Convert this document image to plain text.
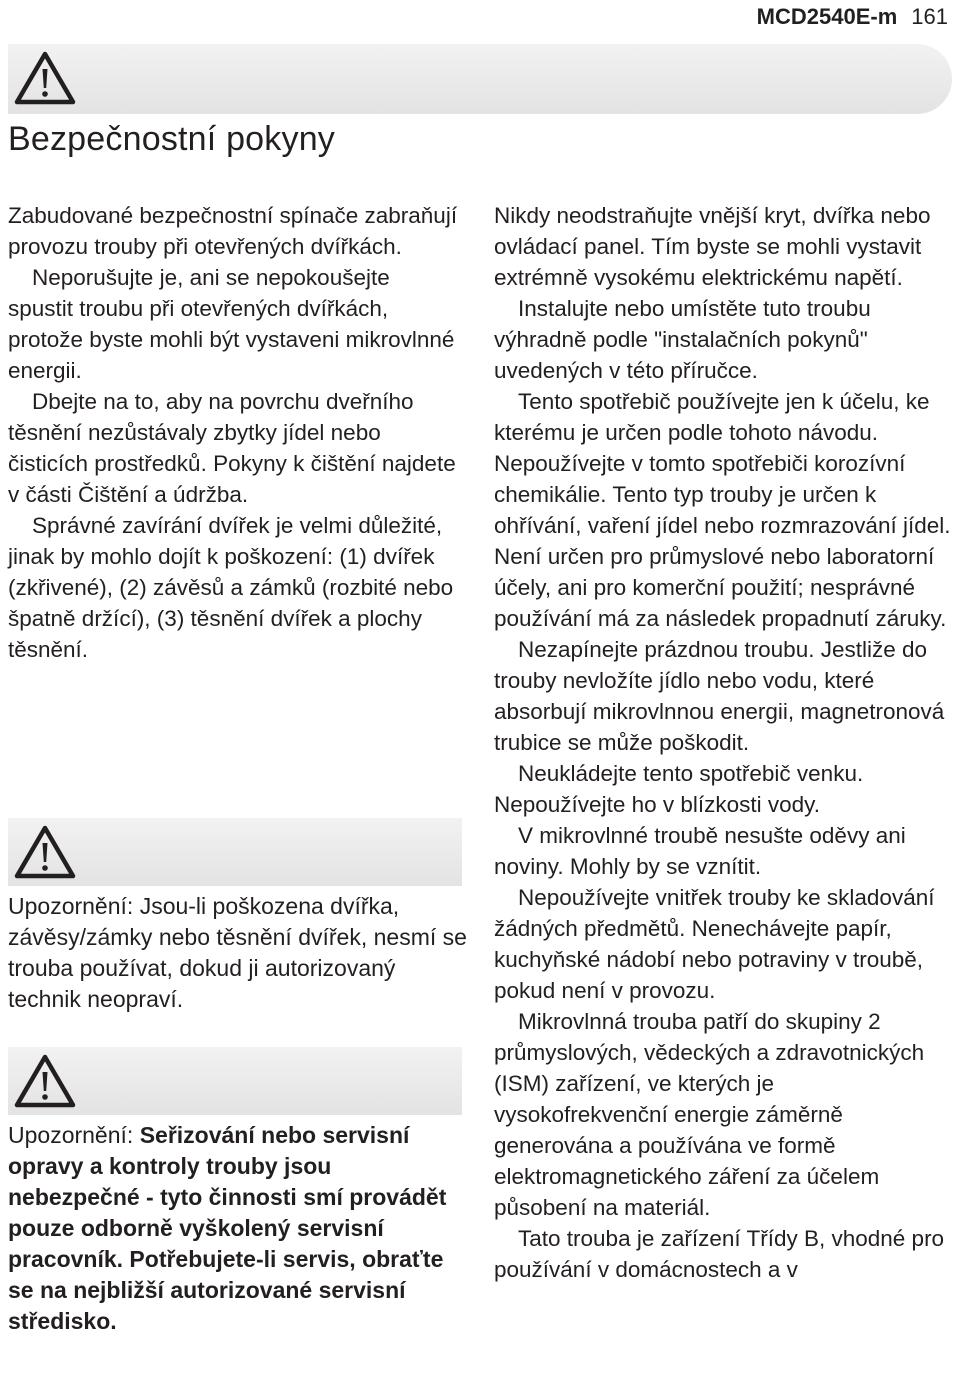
MCD2540E-m 161
Bezpečnostní pokyny

Zabudované bezpečnostní spínače zabraňují provozu trouby při otevřených dvířkách.

Neporušujte je, ani se nepokoušejte spustit troubu při otevřených dvířkách, protože byste mohli být vystaveni mikrovlnné energii.

Dbejte na to, aby na povrchu dveřního těsnění nezůstávaly zbytky jídel nebo čisticích prostředků. Pokyny k čištění najdete v části Čištění a údržba.

Správné zavírání dvířek je velmi důležité, jinak by mohlo dojít k poškození: (1) dvířek (zkřivené), (2) závěsů a zámků (rozbité nebo špatně držící), (3) těsnění dvířek a plochy těsnění.

Upozornění: Jsou-li poškozena dvířka, závěsy/zámky nebo těsnění dvířek, nesmí se trouba používat, dokud ji autorizovaný technik neopraví.

Upozornění: Seřizování nebo servisní opravy a kontroly trouby jsou nebezpečné - tyto činnosti smí provádět pouze odborně vyškolený servisní pracovník. Potřebujete-li servis, obraťte se na nejbližší autorizované servisní středisko.

Nikdy neodstraňujte vnější kryt, dvířka nebo ovládací panel. Tím byste se mohli vystavit extrémně vysokému elektrickému napětí.

Instalujte nebo umístěte tuto troubu výhradně podle "instalačních pokynů" uvedených v této příručce.

Tento spotřebič používejte jen k účelu, ke kterému je určen podle tohoto návodu. Nepoužívejte v tomto spotřebiči korozívní chemikálie. Tento typ trouby je určen k ohřívání, vaření jídel nebo rozmrazování jídel. Není určen pro průmyslové nebo laboratorní účely, ani pro komerční použití; nesprávné používání má za následek propadnutí záruky.

Nezapínejte prázdnou troubu. Jestliže do trouby nevložíte jídlo nebo vodu, které absorbují mikrovlnnou energii, magnetronová trubice se může poškodit.

Neukládejte tento spotřebič venku. Nepoužívejte ho v blízkosti vody.

V mikrovlnné troubě nesušte oděvy ani noviny. Mohly by se vznítit.

Nepoužívejte vnitřek trouby ke skladování žádných předmětů. Nenechávejte papír, kuchyňské nádobí nebo potraviny v troubě, pokud není v provozu.

Mikrovlnná trouba patří do skupiny 2 průmyslových, vědeckých a zdravotnických (ISM) zařízení, ve kterých je vysokofrekvenční energie záměrně generována a používána ve formě elektromagnetického záření za účelem působení na materiál.

Tato trouba je zařízení Třídy B, vhodné pro používání v domácnostech a v
